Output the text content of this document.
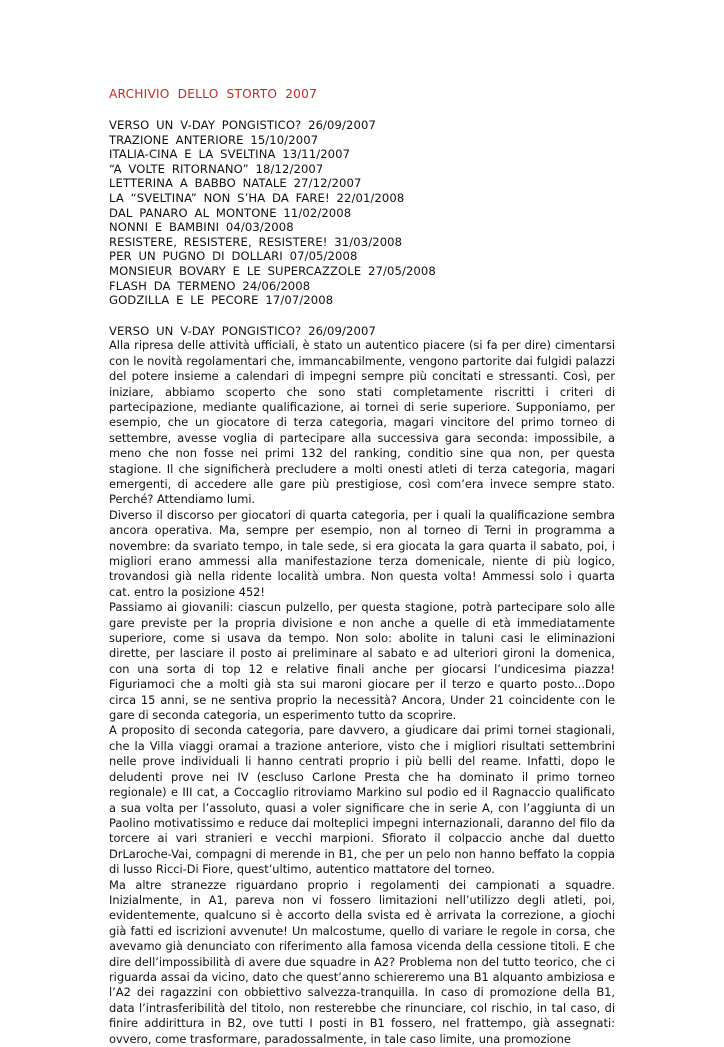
ARCHIVIO DELLO STORTO 2007
VERSO UN V-DAY PONGISTICO? 26/09/2007
TRAZIONE ANTERIORE 15/10/2007
ITALIA-CINA E LA SVELTINA 13/11/2007
“A VOLTE RITORNANO” 18/12/2007
LETTERINA A BABBO NATALE 27/12/2007
LA “SVELTINA” NON S’HA DA FARE! 22/01/2008
DAL PANARO AL MONTONE 11/02/2008
NONNI E BAMBINI 04/03/2008
RESISTERE, RESISTERE, RESISTERE! 31/03/2008
PER UN PUGNO DI DOLLARI 07/05/2008
MONSIEUR BOVARY E LE SUPERCAZZOLE 27/05/2008
FLASH DA TERMENO 24/06/2008
GODZILLA E LE PECORE 17/07/2008
VERSO UN V-DAY PONGISTICO? 26/09/2007

Alla ripresa delle attività ufficiali, è stato un autentico piacere (si fa per dire) cimentarsi con le novità regolamentari che, immancabilmente, vengono partorite dai fulgidi palazzi del potere insieme a calendari di impegni sempre più concitati e stressanti. Così, per iniziare, abbiamo scoperto che sono stati completamente riscritti i criteri di partecipazione, mediante qualificazione, ai tornei di serie superiore. Supponiamo, per esempio, che un giocatore di terza categoria, magari vincitore del primo torneo di settembre, avesse voglia di partecipare alla successiva gara seconda: impossibile, a meno che non fosse nei primi 132 del ranking, conditio sine qua non, per questa stagione. Il che significherà precludere a molti onesti atleti di terza categoria, magari emergenti, di accedere alle gare più prestigiose, così com’era invece sempre stato. Perché? Attendiamo lumi.

Diverso il discorso per giocatori di quarta categoria, per i quali la qualificazione sembra ancora operativa. Ma, sempre per esempio, non al torneo di Terni in programma a novembre: da svariato tempo, in tale sede, si era giocata la gara quarta il sabato, poi, i migliori erano ammessi alla manifestazione terza domenicale, niente di più logico, trovandosi già nella ridente località umbra. Non questa volta! Ammessi solo i quarta cat. entro la posizione 452!

Passiamo ai giovanili: ciascun pulzello, per questa stagione, potrà partecipare solo alle gare previste per la propria divisione e non anche a quelle di età immediatamente superiore, come si usava da tempo. Non solo: abolite in taluni casi le eliminazioni dirette, per lasciare il posto ai preliminare al sabato e ad ulteriori gironi la domenica, con una sorta di top 12 e relative finali anche per giocarsi l’undicesima piazza! Figuriamoci che a molti già sta sui maroni giocare per il terzo e quarto posto...Dopo circa 15 anni, se ne sentiva proprio la necessità? Ancora, Under 21 coincidente con le gare di seconda categoria, un esperimento tutto da scoprire.

A proposito di seconda categoria, pare davvero, a giudicare dai primi tornei stagionali, che la Villa viaggi oramai a trazione anteriore, visto che i migliori risultati settembrini nelle prove individuali li hanno centrati proprio i più belli del reame. Infatti, dopo le deludenti prove nei IV (escluso Carlone Presta che ha dominato il primo torneo regionale) e III cat, a Coccaglio ritroviamo Markino sul podio ed il Ragnaccio qualificato a sua volta per l’assoluto, quasi a voler significare che in serie A, con l’aggiunta di un Paolino motivatissimo e reduce dai molteplici impegni internazionali, daranno del filo da torcere ai vari stranieri e vecchi marpioni. Sfiorato il colpaccio anche dal duetto DrLaroche-Vai, compagni di merende in B1, che per un pelo non hanno beffato la coppia di lusso Ricci-Di Fiore, quest’ultimo, autentico mattatore del torneo.

Ma altre stranezze riguardano proprio i regolamenti dei campionati a squadre. Inizialmente, in A1, pareva non vi fossero limitazioni nell’utilizzo degli atleti, poi, evidentemente, qualcuno si è accorto della svista ed è arrivata la correzione, a giochi già fatti ed iscrizioni avvenute! Un malcostume, quello di variare le regole in corsa, che avevamo già denunciato con riferimento alla famosa vicenda della cessione titoli. E che dire dell’impossibilità di avere due squadre in A2? Problema non del tutto teorico, che ci riguarda assai da vicino, dato che quest’anno schiereremo una B1 alquanto ambiziosa e l’A2 dei ragazzini con obbiettivo salvezza-tranquilla. In caso di promozione della B1, data l’intrasferibilità del titolo, non resterebbe che rinunciare, col rischio, in tal caso, di finire addirittura in B2, ove tutti I posti in B1 fossero, nel frattempo, già assegnati: ovvero, come trasformare, paradossalmente, in tale caso limite, una promozione
